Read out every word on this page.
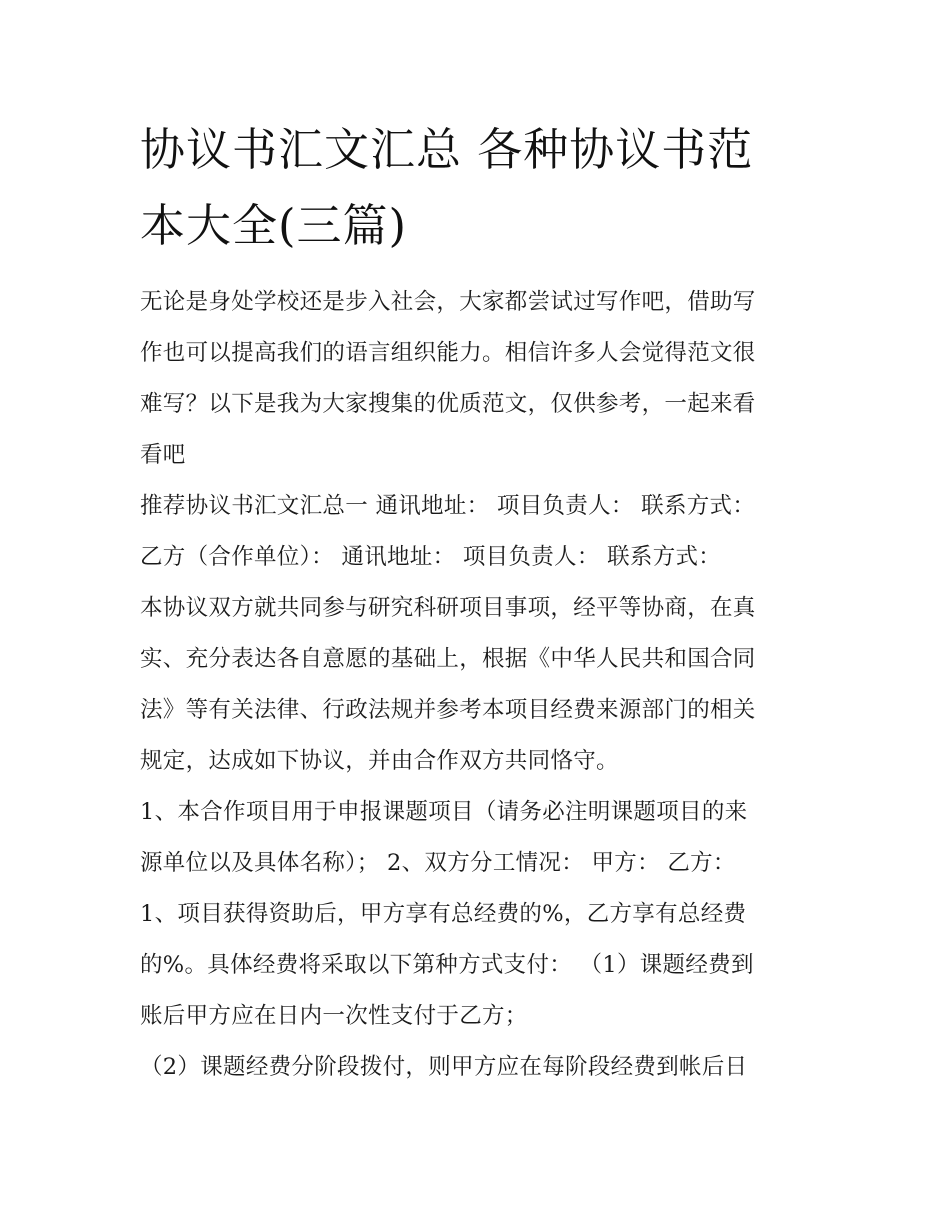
协议书汇文汇总 各种协议书范
本大全(三篇)

无论是身处学校还是步入社会，大家都尝试过写作吧，借助写

作也可以提高我们的语言组织能力。相信许多人会觉得范文很

难写？以下是我为大家搜集的优质范文，仅供参考，一起来看

看吧

推荐协议书汇文汇总一 通讯地址： 项目负责人： 联系方式：

乙方（合作单位）： 通讯地址： 项目负责人： 联系方式：

本协议双方就共同参与研究科研项目事项，经平等协商，在真

实、充分表达各自意愿的基础上，根据《中华人民共和国合同

法》等有关法律、行政法规并参考本项目经费来源部门的相关

规定，达成如下协议，并由合作双方共同恪守。

1、本合作项目用于申报课题项目（请务必注明课题项目的来

源单位以及具体名称）； 2、双方分工情况： 甲方： 乙方：

1、项目获得资助后，甲方享有总经费的%，乙方享有总经费

的%。具体经费将采取以下第种方式支付： （1）课题经费到

账后甲方应在日内一次性支付于乙方；

（2）课题经费分阶段拨付，则甲方应在每阶段经费到帐后日
